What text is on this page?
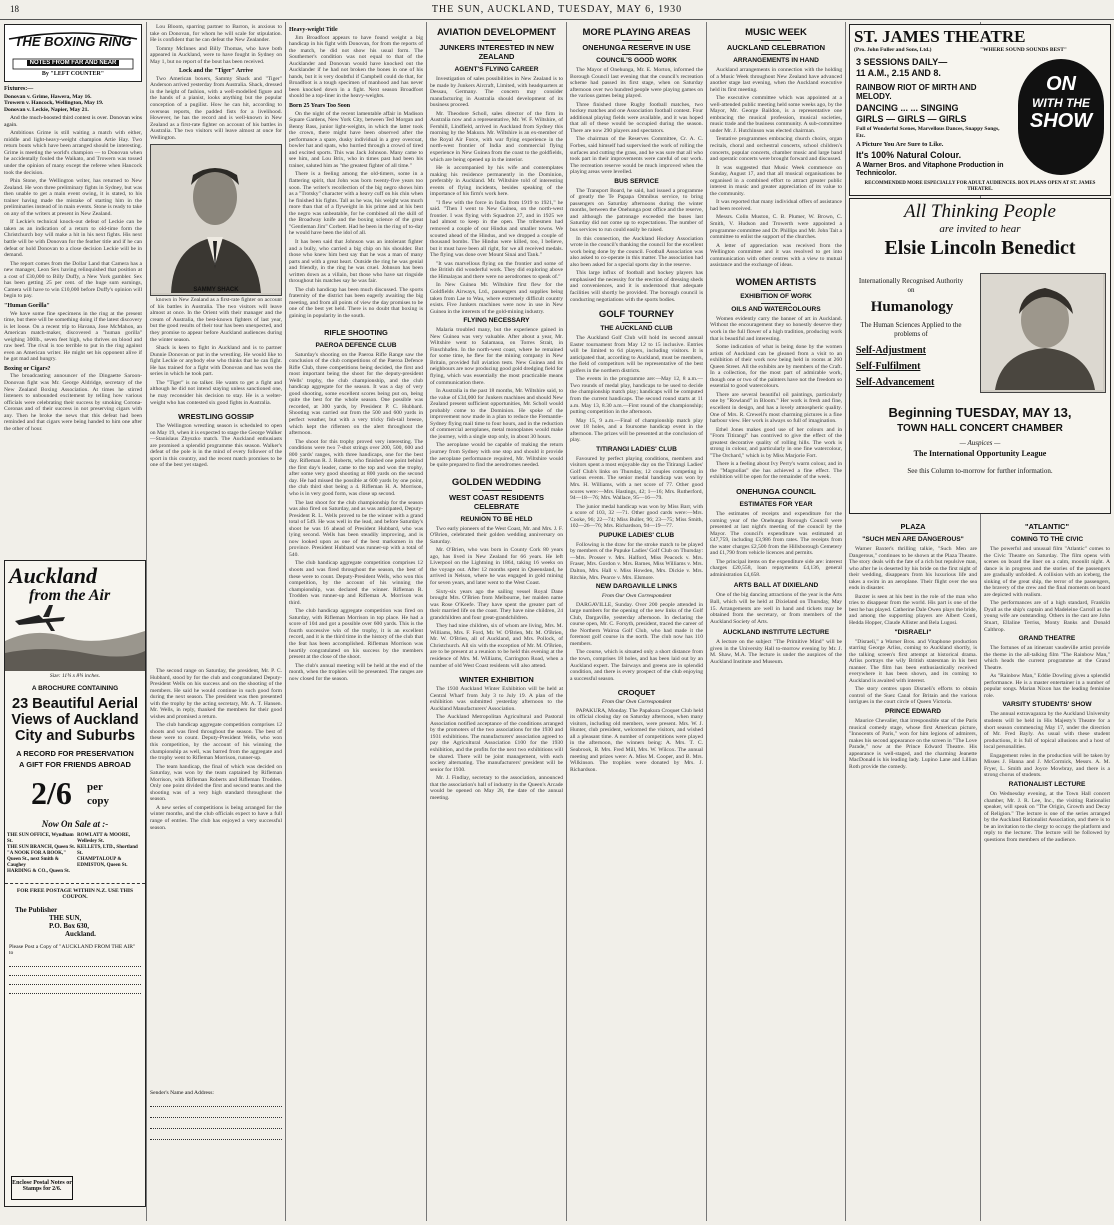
18	THE SUN, AUCKLAND, TUESDAY, MAY 6, 1930
THE BOXING RING
NOTES FROM FAR AND NEAR
By "LEFT COUNTER"
Fixtures:—
Donovan v. Grime, Hawera, May 16.
Trowern v. Hancock, Wellington, May 19.
Donovan v. Leckie, Napier, May 21.

And the much-boosted third contest is over. Donovan wins again.

Ambitious Grime is still waiting a match with either, middle and light-heavy-weight champion Artie Hay. Two return bouts which have been arranged should be interesting. Grime is meeting the world's champion — to Donovan when he accidentally fouled the Waikato, and Trowern was tossed under the opinion of many except the referee when Hancock took the decision.

Phin Stone, the Wellington writer, has returned to New Zealand. He won three preliminary fights in Sydney, but was then unable to get a main event owing, it is stated, to his trainer having made the mistake of starting him in the preliminaries instead of in main events. Stone is ready to take on any of the writers at present in New Zealand.

If Leckie's technical knock-out defeat of Leckie can be taken as an indication of a return to old-time form the Christchurch boy will make a hit in his next fights. His next battle will be with Donovan for the feather title and if he can defeat or hold Donovan to a close decision Leckie will be in demand.

The report comes from the Dollar Land that Camera has a new manager, Leon Sex having relinquished that position at a cost of £30,000 to Billy Duffy, a New York gambler. Sex has been getting 25 per cent. of the huge sum earnings, Camera will have to win £10,000 before Duffy's opinion will begin to pay.

"Human Gorilla"

We have some fine specimens in the ring at the present time, but there will be something doing if the latest discovery is let loose. On a recent trip to Havana, Jose McMahon, an American match-maker, discovered a "human gorilla" weighing 300lb., seven feet high, who thrives on blood and raw beef. The rival is too terrible to put in the ring against even an American writer. He might set his opponent alive if he got mad and hungry.

Boxing or Cigars?

The broadcasting announcer of the Dingaette Saroon-Donovan fight was Mr. George Aldridge, secretary of the New Zealand Boxing Association. At times he stirred listeners to unbounded excitement by telling how various officials were celebrating their success by smoking Corona-Coronas and of their success in not preserving cigars with any. Then he broke the news that this defeat had been reminded and that cigars were being handed to him one after the other of hour.

Lou Bloom, sparring partner to Barron, is anxious to take on Donovan, for whom he will scale for stipulation. He is confident that he can defeat the New Zealander.

Tommy McInnes and Billy Thomas, who have both appeared in Auckland, were to have fought in Sydney on May 1, but no report of the bout has been received.

Lock and the "Tiger" Arrive

Two American boxers, Sammy Shack and "Tiger" Anderson arrived yesterday from Australia. Shack, dressed in the height of fashion, with a well-modelled figure and the hands of a pianist, looks anything but the popular conception of a pugilist. How he can hit, according to overseas reports, the padded fists for a livelihood. However, he has the record and is well-known in New Zealand as a first-rate fighter on account of his battles in Australia. The two visitors will leave almost at once for Wellington.

SAMMY SHACK

known in New Zealand as a first-rate fighter on account of his battles in Australia. The two visitors will leave almost at once. In the Orient with their manager and the cream of Australia, the best-known fighters of last year, but the good results of their tour has been unexpected, and they promise to appear before Auckland audiences during the winter season.

Shack is keen to fight in Auckland and is to partner Dunnie Donovan or put in the wrestling. He would like to fight Leckie or anybody else who thinks that he can fight. He has trained for a fight with Donovan and has won the series in which he took part.

The "Tiger" is no talker. He wants to get a fight and although he did not intend staying unless sanctioned one, he may reconsider his decision to stay. He is a welter-weight who has contested six good fights in Australia.

WRESTLING GOSSIP

The Wellington wrestling season is scheduled to open on May 19, when it is expected to stage the George Walker—Stanislaus Zbyszko match. The Auckland enthusiasts are promised a splendid programme this season. Walker's defeat of the pole is in the mind of every follower of the sport in this country, and the recent match promises to be one of the best yet staged.

Heavy-weight Title

Jim Broadfoot appears to have found weight a big handicap in his fight with Donovan, for from the reports of the match, he did not show his usual form. The Southerner's condition was not equal to that of the Aucklander and Donovan would have knocked out the Aucklander if he had not broken the bones in one of his hands, but it is very doubtful if Campbell could do that, for Broadfoot is a tough specimen of manhood and has never been knocked down in a fight. Next season Broadfoot should be a top-liner in the heavy-weights.

Born 25 Years Too Soon

On the night of the recent lamentable affair in Madison Square Gardens, New York City, between Ted Morgan and Benny Bass, junior light-weights, in which the latter took the crown, there might have been observed after the performance a spare, dusky individual in a grey overcoat, bowler hat and spats, who hurried through a crowd of tired and excited sports. This was Jack Johnson. Many came to see him, and Lou Brix, who in times past had been his trainer, saluted him as "the greatest fighter of all time."

There is a feeling among the old-timers, some in a flattering spirit, that John was born twenty-five years too soon. The writer's recollection of the big negro shows him as a "Trotsky" character with a heavy cuff on his chin when he finished his fights. Tall as he was, his weight was much more than that of a flyweight in his prime and at his best the negro was unbeatable, for he combined all the skill of the Broadway knife and the boxing science of the great "Gentleman Jim" Corbett. Had he been in the ring of to-day he would have been the idol of all.

It has been said that Johnson was an intolerant fighter and a bully, who carried a big chip on his shoulder. But those who knew him best say that he was a man of many parts and with a great heart. Outside the ring he was genial and friendly, in the ring he was cruel. Johnson has been written down as a villain, but those who have sat ringside throughout his matches say he was fair.

The club handicap has been much discussed. The sports fraternity of the district has been eagerly awaiting the big meeting, and from all points of view the day promises to be one of the best yet held. There is no doubt that boxing is gaining in popularity in the south.

RIFLE SHOOTING
PAEROA DEFENCE CLUB

Saturday's shooting on the Paeroa Rifle Range saw the conclusion of the club competitions of the Paeroa Defence Rifle Club, three competitions being decided, the first and most important being the shoot for the deputy-president Wells' trophy, the club championship, and the club handicap aggregate for the season. It was a day of very good shooting, some excellent scores being put on, being quite the best for the whole season. One possible was recorded, at 300 yards, by President P. C. Hubbard. Shooting was carried out from the 500 and 600 yards in perfect weather, but with a very tricky fish-tail breeze, which kept the riflemen on the alert throughout the afternoon.

The shoot for this trophy proved very interesting. The conditions were two 7-shot strings over 200, 500, 600 and 800 yards' ranges, with three handicaps, one for the best day. Rifleman R. J. Roberts, who finished one point behind the first day's leader, came to the top and won the trophy, after some very good shooting at 800 yards on the second day. He had missed the possible at 600 yards by one point, the club third shot being a 4. Rifleman H. A. Morrison, who is in very good form, was close up second.

The last shoot for the club championship for the season was also fired on Saturday, and as was anticipated, Deputy-President R. L. Wells proved to be the winner with a grand total of 549. He was well in the lead, and before Saturday's shoot he was 16 ahead of President Hubbard, who was lying second. Wells has been steadily improving, and is now looked upon as one of the best marksmen in the province. President Hubbard was runner-up with a total of 540.

The club handicap aggregate competition comprises 12 shoots and was fired throughout the season, the best of these were to count. Deputy-President Wells, who won this competition, by the account of his winning the championship, was declared the winner. Rifleman R. Trodden was runner-up and Rifleman A. Morrison was third.

The club handicap aggregate competition was fired on Saturday, with Rifleman Morrison in top place. He had a score of 104 and got a possible over 600 yards. This is the fourth successive win of the trophy, it is an excellent record, and it is the third time in the history of the club that the feat has been accomplished. Rifleman Morrison was heartily congratulated on his success by the members present at the close of the shoot.

The club's annual meeting will be held at the end of the month, when the trophies will be presented. The ranges are now closed for the season.

Auckland
from the Air
Size: 11¾ x 8¾ inches.
A BROCHURE CONTAINING
23 Beautiful Aerial
Views of Auckland
City and Suburbs
A RECORD FOR PRESERVATION
A GIFT FOR FRIENDS ABROAD
2/6 per
copy
Now On Sale at :-
THE SUN OFFICE, Wyndham St.
THE SUN BRANCH, Queen St.
"A NOOK FOR A BOOK," Queen St., next Smith & Caughey
HARDING & CO., Queen St.
ROWLATT & MOORE, Wellesley St.
KELLETS, LTD., Shortland St.
CHAMPTALOUP & EDMISTON, Queen St.
FOR FREE POSTAGE WITHIN N.Z. USE THIS COUPON.
The Publisher
THE SUN,
P.O. Box 630,
Auckland.
Please Post a Copy of "AUCKLAND FROM THE AIR" to
Enclose Postal Notes or Stamps for 2/6.
Sender's Name and Address:

The second range on Saturday, the president, Mr. P. C. Hubbard, stood by for the club and congratulated Deputy-President Wells on his success and on the shooting of the members. He said he would continue in such good form during the next season. The president was then presented with the trophy by the acting secretary, Mr. A. T. Hansen. Mr. Wells, in reply, thanked the members for their good wishes and promised a return.

The club handicap aggregate competition comprises 12 shoots and was fired throughout the season. The best of these were to count. Deputy-President Wells, who won this competition, by the account of his winning the championship as well, was barred from the aggregate and the trophy went to Rifleman Morrison, runner-up.

The team handicap, the final of which was decided on Saturday, was won by the team captained by Rifleman Morrison, with Rifleman Roberts and Rifleman Trodden. Only one point divided the first and second teams and the shooting was of a very high standard throughout the season.

A new series of competitions is being arranged for the winter months, and the club officials expect to have a full range of entries. The club has enjoyed a very successful season.

AVIATION DEVELOPMENT
JUNKERS INTERESTED IN NEW ZEALAND
AGENT'S FLYING CAREER

Investigation of sales possibilities in New Zealand is to be made by Junkers Aircraft, Limited, with headquarters at Dessau, Germany. The concern may consider manufacturing in Australia should development of its business proceed.

Mr. Theodore Scholl, sales director of the firm in Australia now and a representative, Mr. W. F. Wiltshire, of Fernhill, Lindfield, arrived in Auckland from Sydney this morning by the Makura. Mr. Wiltshire is an ex-member of the Royal Air Force, with war flying experience in the north-west frontier of India and commercial flying experience in New Guinea from the coast to the goldfields, which are being opened up in the interior.

He is accompanied by his wife and contemplates making his residence permanently in the Dominion, preferably in Auckland. Mr. Wiltshire told of interesting events of flying incidents, besides speaking of the importance of his firm's work here.

"I flew with the force in India from 1919 to 1921," he said. "Then I went to New Guinea, on the north-west frontier. I was flying with Squadron 27, and in 1925 we had almost to keep in the open. The tribesmen had removed a couple of our Hindus and smaller towns. We scouted ahead of the Hindus, and we dropped a couple of thousand bombs. The Hindus were killed, too, I believe, but it must have been all right, for we all received medals. The flying was done over Mount Sinai and Tank."

"It was marvellous flying on the frontier and some of the British did wonderful work. They did exploring above the Himalayas and there were no aerodromes to speak of."

In New Guinea Mr. Wiltshire first flew for the Goldfields Airways, Ltd., passengers and supplies being taken from Lae to Wau, where extremely difficult country exists. Five Junkers machines were now in use in New Guinea in the interests of the gold-mining industry.

FLYING NECESSARY

Malaria troubled many, but the experience gained in New Guinea was very valuable. After about a year, Mr. Wiltshire went to Salamaua, on Torres Strait, in Finschhafen. In the north-west coast, where he remained for some time, he flew for the mining company in New Britain, provided full aviation tests. New Guinea and its neighbours are now producing good gold dredging field for flying, which was essentially the most practicable means of communication there.

In Australia in the past 18 months, Mr. Wiltshire said, to the value of £34,000 for Junkers machines and should New Zealand present sufficient opportunities, Mr. Scholl would probably come to the Dominion. He spoke of the improvement now made in a plan to reduce the Fremantle-Sydney flying mail time to four hours, and in the reduction of commercial aeroplanes, metal monoplanes would make the journey, with a single stop only, in about 30 hours.

The aeroplane would be capable of making the return journey from Sydney with one stop and should it provide the aeroplane performance required, Mr. Wiltshire would be quite prepared to find the aerodromes needed.

GOLDEN WEDDING
WEST COAST RESIDENTS CELEBRATE
REUNION TO BE HELD

Two early pioneers of the West Coast, Mr. and Mrs. J. F. O'Brien, celebrated their golden wedding anniversary on Saturday.

Mr. O'Brien, who was born in County Cork 80 years ago, has lived in New Zealand for 66 years. He left Liverpool on the Lightning in 1864, taking 16 weeks on the voyage out. After 12 months spent in Queensland, he arrived in Nelson, where he was engaged in gold mining for seven years, and later went to the West Coast.

Sixty-six years ago the sailing vessel Royal Dane brought Mrs. O'Brien from Melbourne, her maiden name was Rose O'Keefe. They have spent the greater part of their married life on the coast. They have nine children, 24 grandchildren and four great-grandchildren.

They had nine children, six of whom are living, Mrs. M. Williams, Mrs. F. Ford, Mr. W. O'Brien, Mr. M. O'Brien, Mr. W. O'Brien, all of Auckland, and Mrs. Pollock, of Christchurch. All six with the exception of Mr. M. O'Brien, are to be present at a reunion to be held this evening at the residence of Mrs. M. Williams, Carrington Road, when a number of old West Coast residents will also attend.

WINTER EXHIBITION

The 1930 Auckland Winter Exhibition will be held at Central Wharf from July 3 to July 19. A plan of the exhibition was submitted yesterday afternoon to the Auckland Manufacturers' Association.

The Auckland Metropolitan Agricultural and Pastoral Association notified acceptance of the conditions arranged by the promoters of the two associations for the 1930 and 1931 exhibitions. The manufacturers' association agreed to pay the Agricultural Association £100 for the 1930 exhibition, and the profits for the next two exhibitions will be shared. There will be joint management, with each society alternating. The manufacturers' president will be senior for 1930.

Mr. J. Findlay, secretary to the association, announced that the association's hall of industry in the Queen's Arcade would be opened on May 28, the date of the annual meeting.

MORE PLAYING AREAS
ONEHUNGA RESERVE IN USE
COUNCIL'S GOOD WORK

The Mayor of Onehunga, Mr. E. Morton, informed the Borough Council last evening that the council's recreation scheme had passed its first stage, when on Saturday afternoon over two hundred people were playing games on the various games being played.

Three finished three Rugby football matches, two hockey matches and one Association football contest. Four additional playing fields were available, and it was hoped that all of these would be occupied during the season. There are now 290 players and spectators.

The chairman of the Reserves Committee, Cr. A. C. Forbes, said himself had supervised the work of rolling the surfaces and cutting the grass, and he was sure that all who took part in their improvements were careful of our work. The recreation reserve would be much improved when the playing areas were levelled.

BUS SERVICE

The Transport Board, he said, had issued a programme of greatly the Te Papapa Omnibus service, to bring passengers on Saturday afternoons during the winter months, between the Onehunga post office and the reserve, and although the patronage exceeded the buses last Saturday did not come up to expectations. The number of bus services to run could easily be raised.

In this connection, the Auckland Hockey Association wrote in the council's thanking the council for the excellent work being done by the council. Football Association was also asked to co-operate in this matter. The association had also been asked for a special sports day in the reserve.

This large influx of football and hockey players has emphasised the necessity for the erection of dressing sheds and conveniences, and it is understood that adequate facilities will shortly be provided. The borough council is conducting negotiations with the sports bodies.

GOLF TOURNEY
THE AUCKLAND CLUB

The Auckland Golf Club will hold its second annual Easter tournament from May 12 to 15 inclusive. Entries will be limited to 64 players, including visitors. It is anticipated that, according to Auckland, must be members, the field of competitors will be representative of the best golfers in the northern districts.

The events in the programme are:—May 12, 8 a.m.—Two rounds of medal play, handicaps to be used to decide the championship match play; handicaps will be computed from the current handicaps. The second round starts at 11 a.m. May 13, 8.30 a.m.—First round of the championship; putting competition in the afternoon.

May 15, 9 a.m.—Final of championship match play over 18 holes, and a foursome handicap event in the afternoon. The prizes will be presented at the conclusion of play.

TITIRANGI LADIES' CLUB

Favoured by perfect playing conditions, members and visitors spent a most enjoyable day on the Titirangi Ladies' Golf Club's links on Thursday, 12 couples competing in various events. The senior medal handicap was won by Mrs. H. Williams, with a net score of 77. Other good scores were:—Mrs. Hastings, 42; 1—16; Mrs. Rutherford, 94—18—76; Mrs. Wallace, 95—16—79.

The junior medal handicap was won by Miss Barr, with a score of 103, 32 —71. Other good cards were:—Mrs. Cooke, 96; 22—74; Miss Buller, 96; 23—75; Miss Smith, 102—26—76; Mrs. Richardson, 94—19—77.

PUPUKE LADIES' CLUB

Following is the draw for the stroke match to be played by members of the Pupuke Ladies' Golf Club on Thursday:—Mrs. Prosser v. Mrs. Halford, Miss Peacock v. Mrs. Fraser, Mrs. Gordon v. Mrs. Barnes, Miss Williams v. Mrs. Dalton, Mrs. Hall v. Miss Howden, Mrs. Dickie v. Mrs. Ritchie, Mrs. Pearce v. Mrs. Elsmore.

NEW DARGAVILLE LINKS
From Our Own Correspondent

DARGAVILLE, Sunday. Over 200 people attended in large numbers for the opening of the new links of the Golf Club, Dargaville, yesterday afternoon. In declaring the course open, Mr. C. Forsyth, president, traced the career of the Northern Wairoa Golf Club, who had made it the foremost golf course in the north. The club now has 110 members.

The course, which is situated only a short distance from the town, comprises 18 holes, and has been laid out by an Auckland expert. The fairways and greens are in splendid condition, and there is every prospect of the club enjoying a successful season.

CROQUET
From Our Own Correspondent

PAPAKURA, Monday. The Papakura Croquet Club held its official closing day on Saturday afternoon, when many visitors, including old members, were present. Mrs. W. J. Hunter, club president, welcomed the visitors, and wished all a pleasant time. A number of competitions were played in the afternoon, the winners being: A. Mrs. T. C. Seabrook, B. Mrs. Fred Mill, Mrs. W. Wilcox. The annual meeting and prizes were: A. Miss M. Cooper, and B. Mrs. Wilkinson. The trophies were donated by Mrs. J. Richardson.

MUSIC WEEK
AUCKLAND CELEBRATION
ARRANGEMENTS IN HAND

Auckland arrangements in connection with the holding of a Music Week throughout New Zealand have advanced another stage last evening, when the Auckland executive held its first meeting.

The executive committee which was appointed at a well-attended public meeting held some weeks ago, by the Mayor, Mr. George Baildon, is a representative one embracing the musical profession, musical societies, music trade and the business community. A sub-committee under Mr. J. Hutchinson was elected chairman.

Tentative programmes embracing church choirs, organ recitals, choral and orchestral concerts, school children's concerts, popular concerts, chamber music and large band and operatic concerts were brought forward and discussed.

It was suggested that Music Week commence on Sunday, August 17, and that all musical organisations be organised in a combined effort to attract greater public interest in music and greater appreciation of its value to the community.

It was reported that many individual offers of assistance had been received.

Messrs. Colin Muston, C. B. Plumer, W. Brown, C. Smith, V. Hudson and Trowerth were appointed a programme committee and Dr. Phillips and Mr. John Tait a committee to enlist the support of the churches.

A letter of appreciation was received from the Wellington committee and it was resolved to get into communication with other centres with a view to mutual assistance and the exchange of ideas.

WOMEN ARTISTS
EXHIBITION OF WORK
OILS AND WATERCOLOURS

Women evidently carry the banner of art in Auckland. Without the encouragement they so honestly deserve they work in the full flower of a high tradition, producing work that is beautiful and interesting.

Some indication of what is being done by the women artists of Auckland can be gleaned from a visit to an exhibition of their work now being held in rooms at 260 Queen Street. All the exhibits are by members of the Craft. In a collection, for the most part of admirable work, though one or two of the painters have not the freedom so essential to good watercolours.

There are several beautiful oil paintings, particularly one by "Rowland" in Bloom." Her work is fresh and fine, excellent in design, and has a lovely atmospheric quality. One of Mrs. R. Crewell's most charming pictures is a fine harbour view. Her work is always so full of imagination.

Ethel Jones makes good use of her colours and in "From Titirangi" has contrived to give the effect of the greatest decorative quality of rolling hills. The work is strong in colour, and particularly in one fine watercolour, "The Orchard," which is by Miss Marjorie Fort.

There is a feeling about Ivy Perry's warm colour, and in the "Magnolias" she has achieved a fine effect. The exhibition will be open for the remainder of the week.

ONEHUNGA COUNCIL
ESTIMATES FOR YEAR

The estimates of receipts and expenditure for the coming year of the Onehunga Borough Council were presented at last night's meeting of the council by the Mayor. The council's expenditure was estimated at £47,759, including £3,986 from rates. The receipts from the water charges £2,500 from the Hillsborough Cemetery and £1,790 from vehicle licences and permits.

The principal items on the expenditure side are: interest charges £20,558, loan repayments £4,136, general administration £4,658.

ARTS BALL AT DIXIELAND

One of the big dancing attractions of the year is the Arts Ball, which will be held at Dixieland on Thursday, May 15. Arrangements are well in hand and tickets may be obtained from the secretary, or from members of the Auckland Society of Arts.

AUCKLAND INSTITUTE LECTURE

A lecture on the subject "The Primitive Mind" will be given in the University Hall to-morrow evening by Mr. J. M. Shaw, M.A. The lecture is under the auspices of the Auckland Institute and Museum.

ST. JAMES THEATRE
(Pro. John Fuller and Sons, Ltd.)	"WHERE SOUND SOUNDS BEST"
3 SESSIONS DAILY—
11 A.M., 2.15 AND 8.
RAINBOW RIOT OF MIRTH AND MELODY.
DANCING ... ... SINGING
GIRLS — GIRLS — GIRLS
Full of Wonderful Scenes, Marvellous Dances, Snappy Songs, Etc.
A Picture You Are Sure to Like.
It's 100% Natural Colour.
A Warner Bros. and Vitaphone Production in Technicolor.
RECOMMENDED MORE ESPECIALLY FOR ADULT AUDIENCES. BOX PLANS OPEN AT ST. JAMES THEATRE.
ON
WITH THE
SHOW
All Thinking People
are invited to hear
Elsie Lincoln Benedict
Internationally Recognised Authority on
Humanology
The Human Sciences Applied to the problems of
Self-Adjustment
Self-Fulfilment
Self-Advancement
Beginning TUESDAY, MAY 13,
TOWN HALL CONCERT CHAMBER
— Auspices —
The International Opportunity League
See this Column to-morrow for further information.
PLAZA
"SUCH MEN ARE DANGEROUS"

Warner Baxter's thrilling talkie, "Such Men are Dangerous," continues to be shown at the Plaza Theatre. The story deals with the fate of a rich but repulsive man, who after he is deserted by his bride on the first night of their wedding, disappears from his luxurious life and takes a swim in an aeroplane. Their flight over the sea ends in disaster.

Baxter is seen at his best in the role of the man who tries to disappear from the world. His part is one of the best he has played. Catherine Dale Owen plays the bride, and among the supporting players are Albert Conti, Hedda Hopper, Claude Allister and Bela Lugosi.

"DISRAELI"

"Disraeli," a Warner Bros. and Vitaphone production starring George Arliss, coming to Auckland shortly, is the talking screen's first attempt at historical drama. Arliss portrays the wily British statesman in his best manner. The film has been enthusiastically received everywhere it has been shown, and its coming to Auckland is awaited with interest.

The story centres upon Disraeli's efforts to obtain control of the Suez Canal for Britain and the various intrigues in the court circle of Queen Victoria.

PRINCE EDWARD

Maurice Chevalier, that irresponsible star of the Paris musical comedy stage, whose first American picture, "Innocents of Paris," won for him legions of admirers, makes his second appearance on the screen in "The Love Parade," now at the Prince Edward Theatre. His appearance is well-staged, and the charming Jeanette MacDonald is his leading lady. Lupino Lane and Lillian Roth provide the comedy.

"ATLANTIC"
COMING TO THE CIVIC

The powerful and unusual film "Atlantic" comes to the Civic Theatre on Saturday. The film opens with scenes on board the liner on a calm, moonlit night. A dance is in progress and the stories of the passengers are gradually unfolded. A collision with an iceberg, the sinking of the great ship, the terror of the passengers, the bravery of the crew and the final moments on board are depicted with realism.

The performances are of a high standard, Franklin Dyall as the ship's captain and Madeleine Carroll as the young wife are outstanding. Others in the cast are John Stuart, Ellaline Terriss, Monty Banks and Donald Calthrop.

GRAND THEATRE

The fortunes of an itinerant vaudeville artist provide the theme in the all-talking film "The Rainbow Man," which heads the current programme at the Grand Theatre.

As "Rainbow Man," Eddie Dowling gives a splendid performance. He is a master entertainer in a number of popular songs. Marian Nixon has the leading feminine role.

VARSITY STUDENTS' SHOW

The annual extravaganza by the Auckland University students will be held in His Majesty's Theatre for a short season commencing May 17, under the direction of Mr. Fred Bayly. As usual with these student productions, it is full of topical allusions and a host of local personalities.

Engagement roles in the production will be taken by Misses J. Hanna and J. McCormick, Messrs. A. M. Fryer, L. Smith and Joyce Mowbray, and there is a strong chorus of students.

RATIONALIST LECTURE

On Wednesday evening, at the Town Hall concert chamber, Mr. J. R. Lee, Inc., the visiting Rationalist speaker, will speak on "The Origin, Growth and Decay of Religion." The lecture is one of the series arranged by the Auckland Rationalist Association, and there is to be an invitation to the clergy to occupy the platform and reply to the lecturer. The lecture will be followed by questions from members of the audience.
